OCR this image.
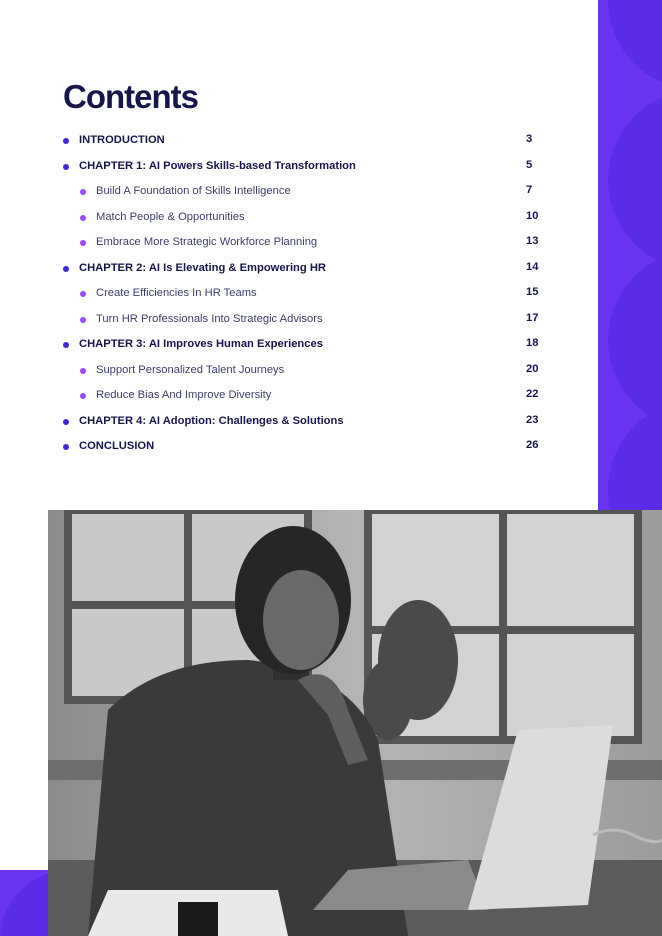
Contents
INTRODUCTION	3
CHAPTER 1: AI Powers Skills-based Transformation	5
Build A Foundation of Skills Intelligence	7
Match People & Opportunities	10
Embrace More Strategic Workforce Planning	13
CHAPTER 2: AI Is Elevating & Empowering HR	14
Create Efficiencies In HR Teams	15
Turn HR Professionals Into Strategic Advisors	17
CHAPTER 3: AI Improves Human Experiences	18
Support Personalized Talent Journeys	20
Reduce Bias And Improve Diversity	22
CHAPTER 4: AI Adoption: Challenges & Solutions	23
CONCLUSION	26
